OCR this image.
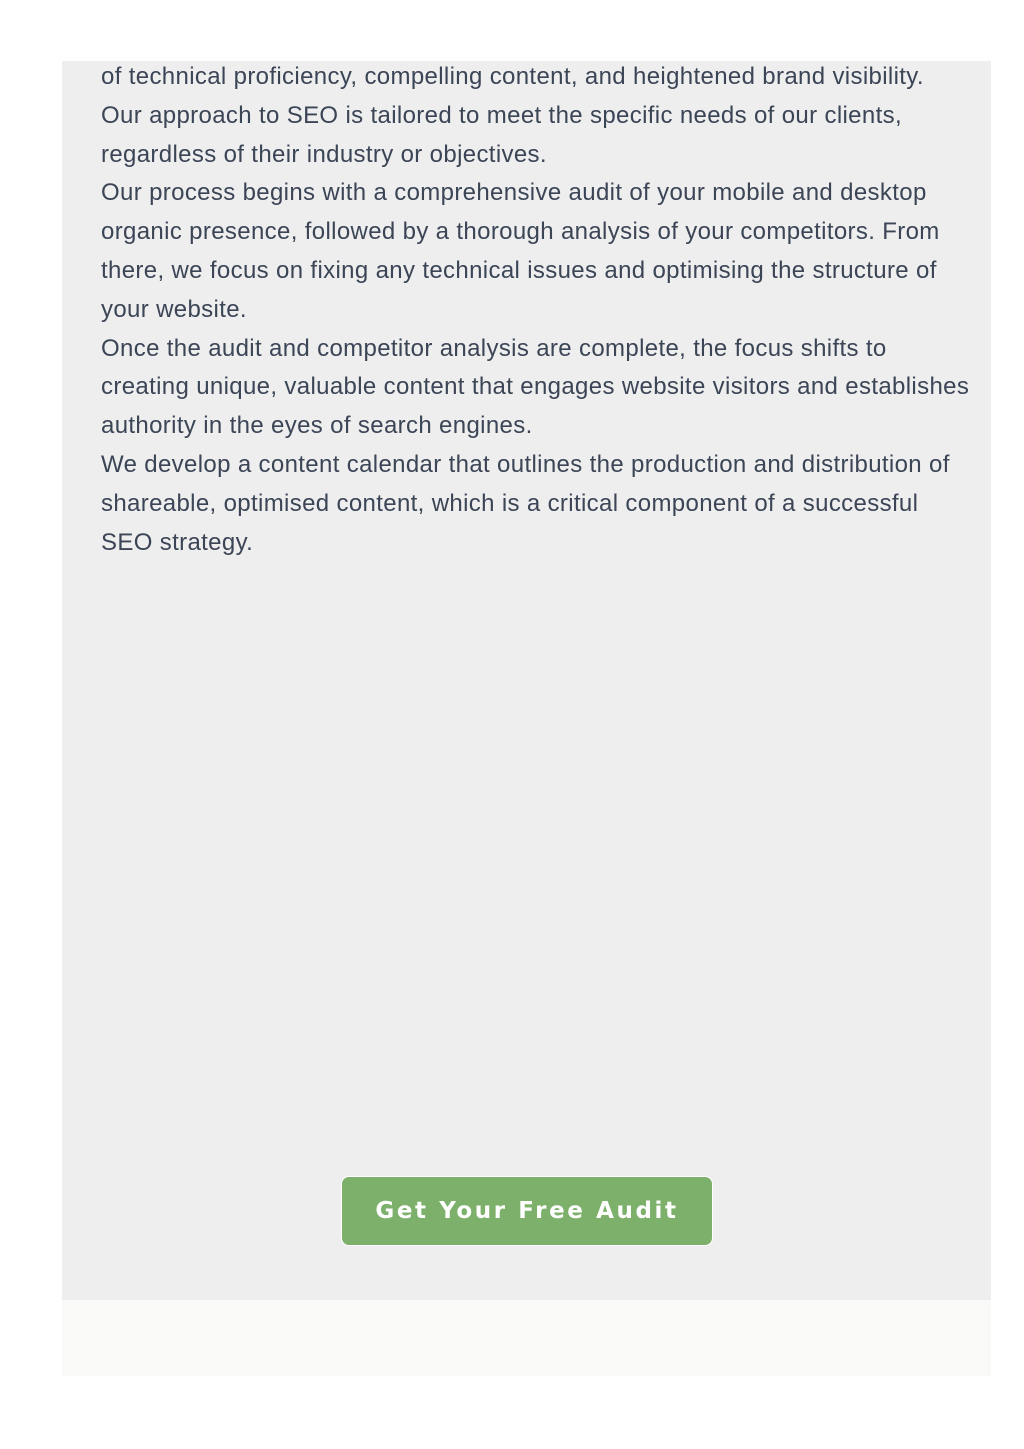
of technical proficiency, compelling content, and heightened brand visibility. Our approach to SEO is tailored to meet the specific needs of our clients, regardless of their industry or objectives.

Our process begins with a comprehensive audit of your mobile and desktop organic presence, followed by a thorough analysis of your competitors. From there, we focus on fixing any technical issues and optimising the structure of your website.

Once the audit and competitor analysis are complete, the focus shifts to creating unique, valuable content that engages website visitors and establishes authority in the eyes of search engines.

We develop a content calendar that outlines the production and distribution of shareable, optimised content, which is a critical component of a successful SEO strategy.

Get Your Free Audit
